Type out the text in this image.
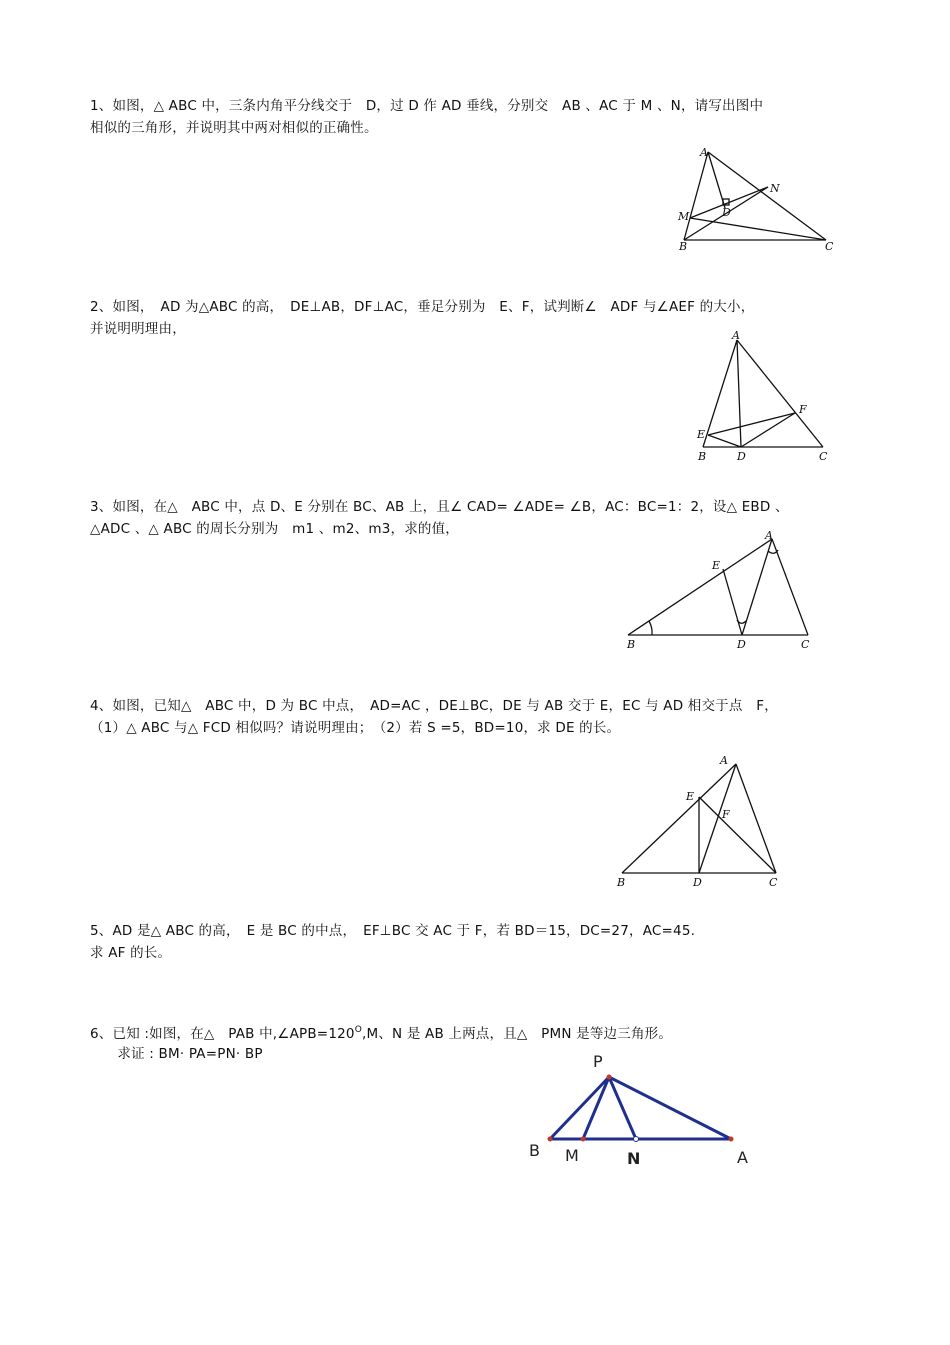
1、如图，△ ABC 中，三条内角平分线交于　D，过 D 作 AD 垂线，分别交　AB 、AC 于 M 、N，请写出图中
相似的三角形，并说明其中两对相似的正确性。
A
N
M	D
B	C
2、如图，　AD 为△ABC 的高，　DE⊥AB，DF⊥AC，垂足分别为　E、F，试判断∠　ADF 与∠AEF 的大小，
并说明明理由，	A
F
E
B	D	C
3、如图，在△　ABC 中，点 D、E 分别在 BC、AB 上，且∠ CAD= ∠ADE= ∠B，AC：BC=1：2，设△ EBD 、
△ADC 、△ ABC 的周长分别为　m1 、m2、m3，求的值，	A
E
B	D	C
4、如图，已知△　ABC 中，D 为 BC 中点，　AD=AC ，DE⊥BC，DE 与 AB 交于 E，EC 与 AD 相交于点　F，
（1）△ ABC 与△ FCD 相似吗？请说明理由；　（2）若 S =5，BD=10，求 DE 的长。
A
E
F
B	D	C
5、AD 是△ ABC 的高，　E 是 BC 的中点，　EF⊥BC 交 AC 于 F，若 BD＝15，DC=27，AC=45.
求 AF 的长。
6、已知 :如图，在△　PAB 中$,\angle APB=120^O,M$、N 是 AB 上两点，且△　PMN 是等边三角形。
　　求证 : BM· PA=PN· BP	P
B M	N	A
